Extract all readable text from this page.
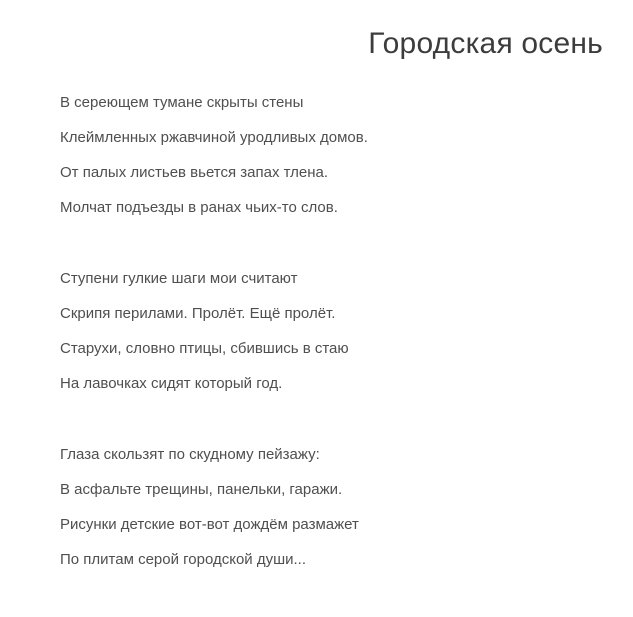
Городская осень
В сереющем тумане скрыты стены
Клеймленных ржавчиной уродливых домов.
От палых листьев вьется запах тлена.
Молчат подъезды в ранах чьих-то слов.
Ступени гулкие шаги мои считают
Скрипя перилами. Пролёт. Ещё пролёт.
Старухи, словно птицы, сбившись в стаю
На лавочках сидят который год.
Глаза скользят по скудному пейзажу:
В асфальте трещины, панельки, гаражи.
Рисунки детские вот-вот дождём размажет
По плитам серой городской души...
